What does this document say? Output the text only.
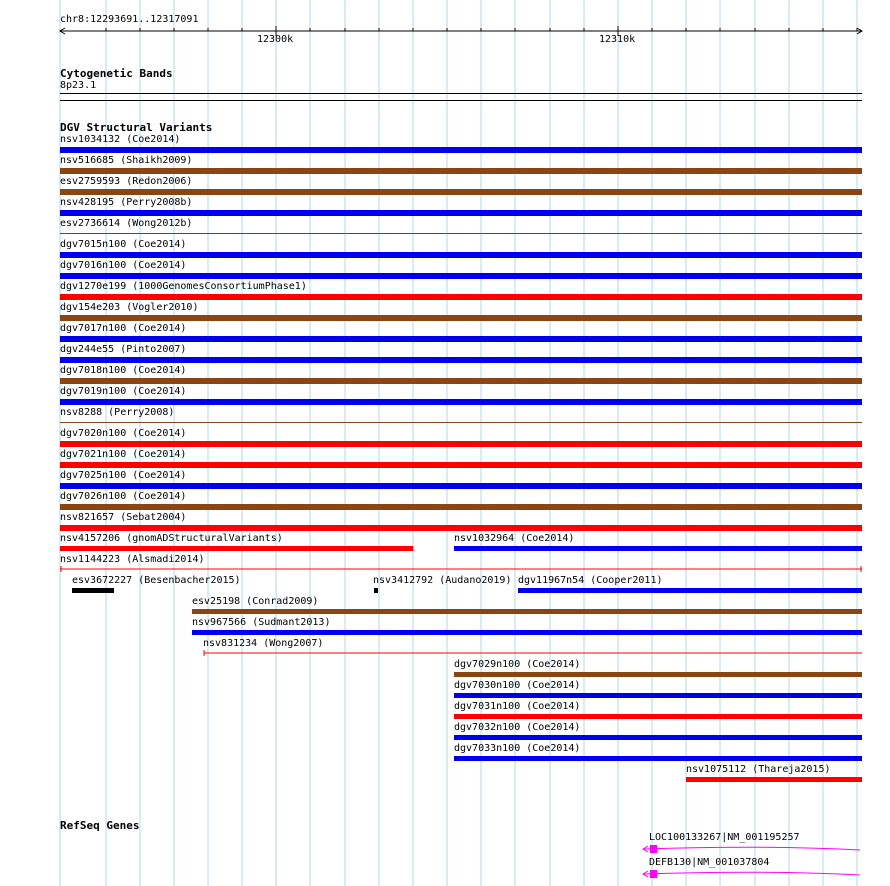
chr8:12293691..12317091
12300k	12310k
Cytogenetic Bands
8p23.1
DGV Structural Variants
nsv1034132 (Coe2014)
nsv516685 (Shaikh2009)
esv2759593 (Redon2006)
nsv428195 (Perry2008b)
esv2736614 (Wong2012b)
dgv7015n100 (Coe2014)
dgv7016n100 (Coe2014)
dgv1270e199 (1000GenomesConsortiumPhase1)
dgv154e203 (Vogler2010)
dgv7017n100 (Coe2014)
dgv244e55 (Pinto2007)
dgv7018n100 (Coe2014)
dgv7019n100 (Coe2014)
nsv8288 (Perry2008)
dgv7020n100 (Coe2014)
dgv7021n100 (Coe2014)
dgv7025n100 (Coe2014)
dgv7026n100 (Coe2014)
nsv821657 (Sebat2004)
nsv4157206 (gnomADStructuralVariants)	nsv1032964 (Coe2014)
nsv1144223 (Alsmadi2014)
esv3672227 (Besenbacher2015)	nsv3412792 (Audano2019) dgv11967n54 (Cooper2011)
esv25198 (Conrad2009)
nsv967566 (Sudmant2013)
nsv831234 (Wong2007)
dgv7029n100 (Coe2014)
dgv7030n100 (Coe2014)
dgv7031n100 (Coe2014)
dgv7032n100 (Coe2014)
dgv7033n100 (Coe2014)
nsv1075112 (Thareja2015)
RefSeq Genes
LOC100133267|NM_001195257
DEFB130|NM_001037804
